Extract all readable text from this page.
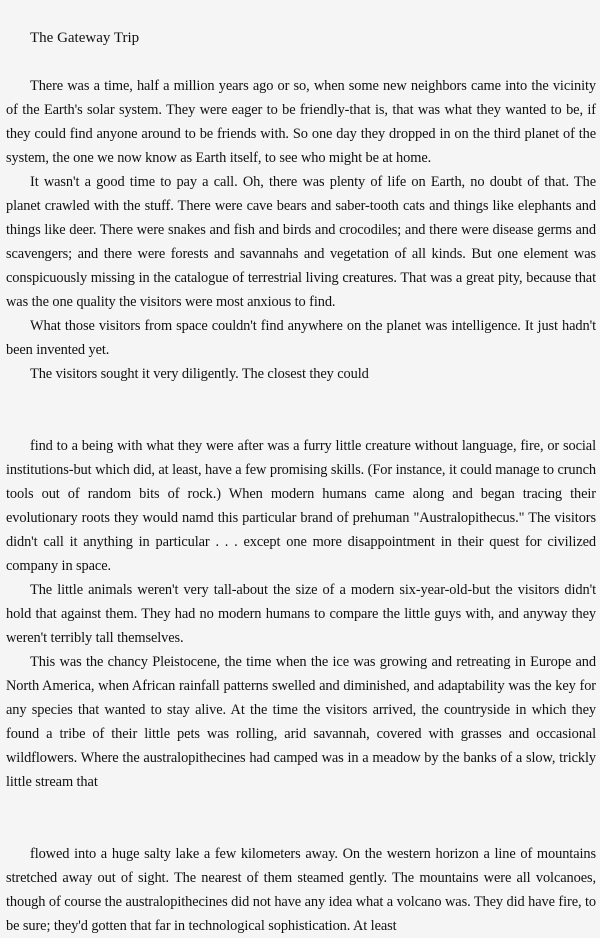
The Gateway Trip

There was a time, half a million years ago or so, when some new neighbors came into the vicinity of the Earth's solar system. They were eager to be friendly-that is, that was what they wanted to be, if they could find anyone around to be friends with. So one day they dropped in on the third planet of the system, the one we now know as Earth itself, to see who might be at home.

It wasn't a good time to pay a call. Oh, there was plenty of life on Earth, no doubt of that. The planet crawled with the stuff. There were cave bears and saber-tooth cats and things like elephants and things like deer. There were snakes and fish and birds and crocodiles; and there were disease germs and scavengers; and there were forests and savannahs and vegetation of all kinds. But one element was conspicuously missing in the catalogue of terrestrial living creatures. That was a great pity, because that was the one quality the visitors were most anxious to find.

What those visitors from space couldn't find anywhere on the planet was intelligence. It just hadn't been invented yet.

The visitors sought it very diligently. The closest they could

find to a being with what they were after was a furry little creature without language, fire, or social institutions-but which did, at least, have a few promising skills. (For instance, it could manage to crunch tools out of random bits of rock.) When modern humans came along and began tracing their evolutionary roots they would namd this particular brand of prehuman "Australopithecus." The visitors didn't call it anything in particular . . . except one more disappointment in their quest for civilized company in space.

The little animals weren't very tall-about the size of a modern six-year-old-but the visitors didn't hold that against them. They had no modern humans to compare the little guys with, and anyway they weren't terribly tall themselves.

This was the chancy Pleistocene, the time when the ice was growing and retreating in Europe and North America, when African rainfall patterns swelled and diminished, and adaptability was the key for any species that wanted to stay alive. At the time the visitors arrived, the countryside in which they found a tribe of their little pets was rolling, arid savannah, covered with grasses and occasional wildflowers. Where the australopithecines had camped was in a meadow by the banks of a slow, trickly little stream that

flowed into a huge salty lake a few kilometers away. On the western horizon a line of mountains stretched away out of sight. The nearest of them steamed gently. The mountains were all volcanoes, though of course the australopithecines did not have any idea what a volcano was. They did have fire, to be sure; they'd gotten that far in technological sophistication. At least
